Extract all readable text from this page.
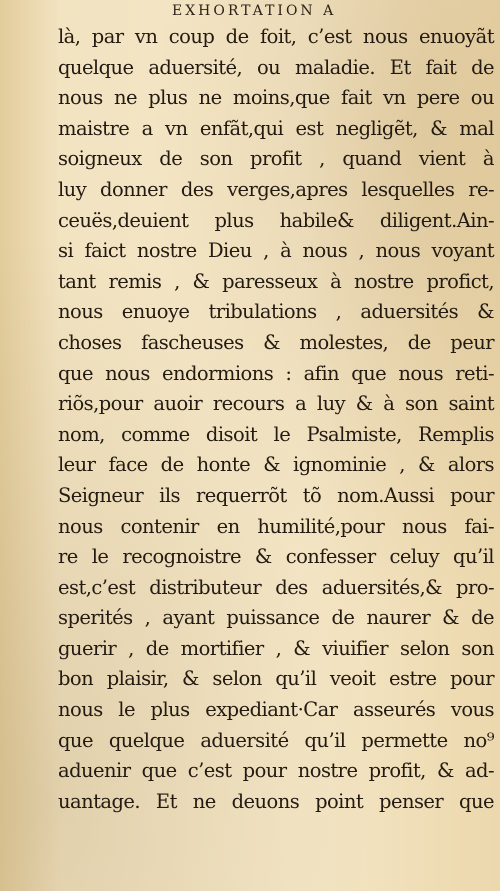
EXHORTATION A
là, par vn coup de foit, c’est nous enuoyãt
quelque aduersité, ou maladie. Et fait de
nous ne plus ne moins,que fait vn pere ou
maistre a vn enfãt,qui est negligẽt, & mal
soigneux de son profit , quand vient à
luy donner des verges,apres lesquelles re-
ceuës,deuient plus habile& diligent.Ain-
si faict nostre Dieu , à nous , nous voyant
tant remis , & paresseux à nostre profict,
nous enuoye tribulations , aduersités &
choses fascheuses & molestes, de peur
que nous endormions : afin que nous reti-
riõs,pour auoir recours a luy & à son saint
nom, comme disoit le Psalmiste, Remplis
leur face de honte & ignominie , & alors
Seigneur ils requerrõt tõ nom.Aussi pour
nous contenir en humilité,pour nous fai-
re le recognoistre & confesser celuy qu’il
est,c’est distributeur des aduersités,& pro-
sperités , ayant puissance de naurer & de
guerir , de mortifier , & viuifier selon son
bon plaisir, & selon qu’il veoit estre pour
nous le plus expediant·Car asseurés vous
que quelque aduersité qu’il permette no⁹
aduenir que c’est pour nostre profit, & ad-
uantage. Et ne deuons point penser que
